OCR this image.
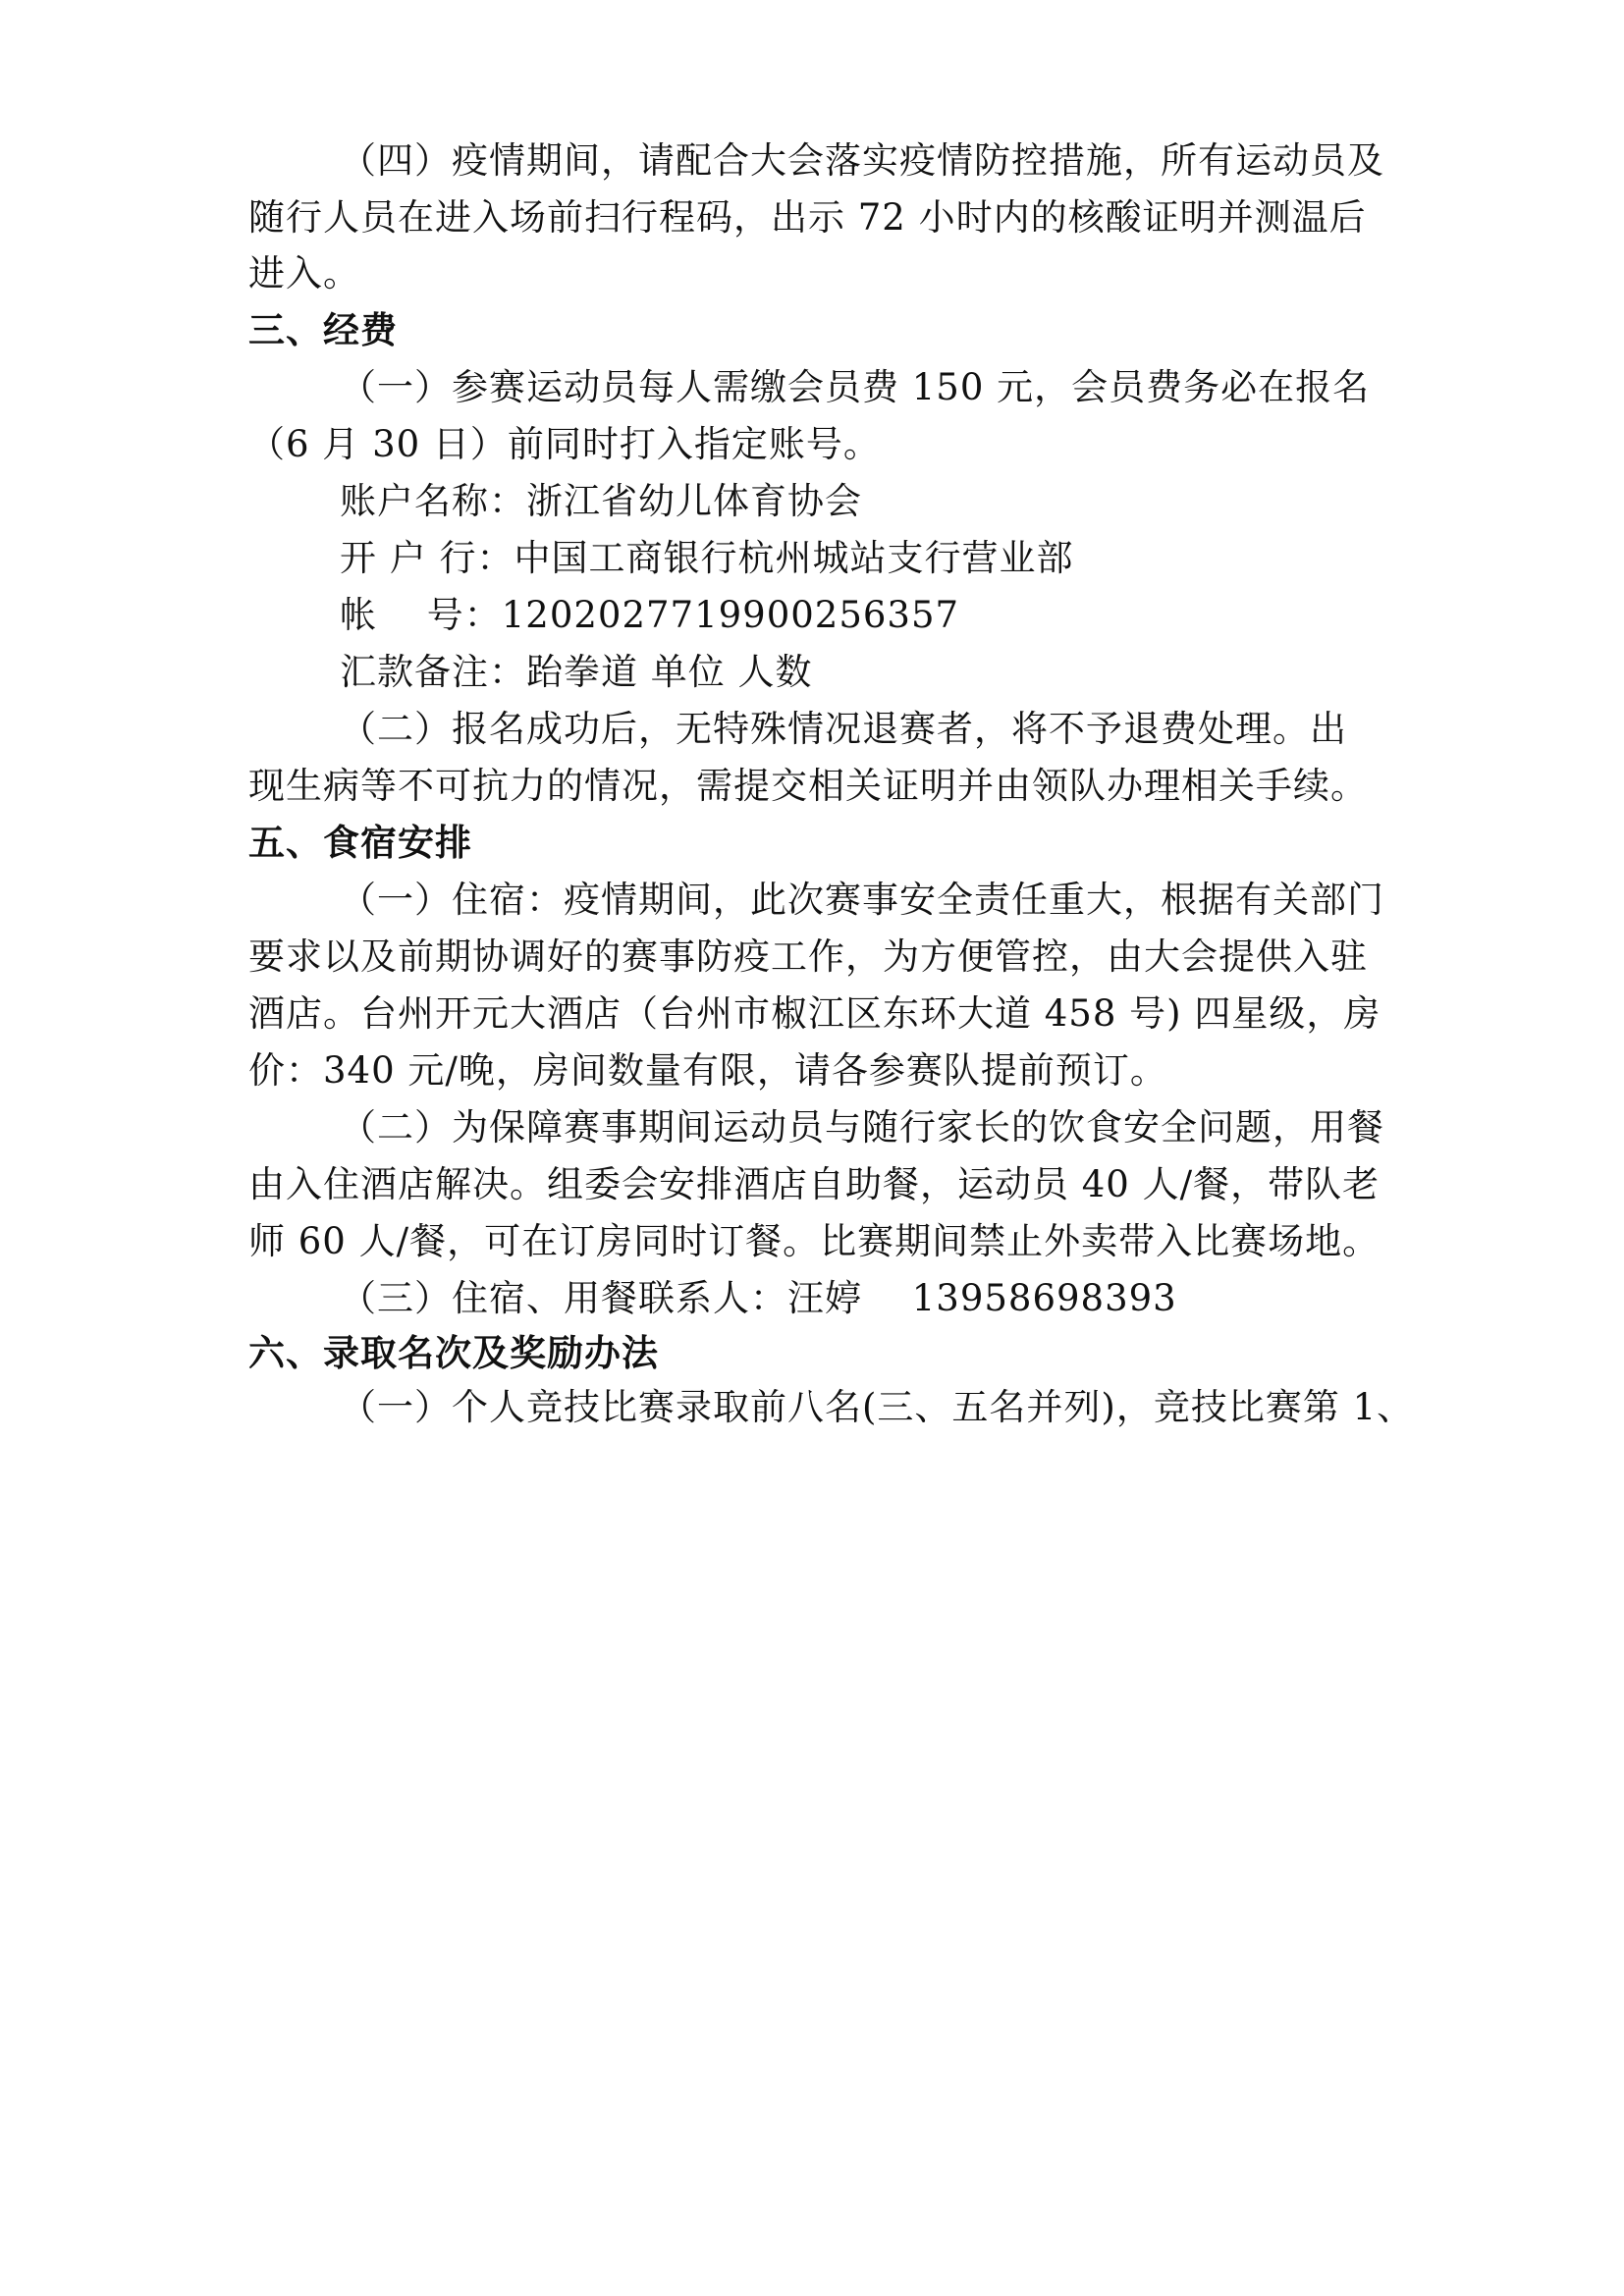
（四）疫情期间，请配合大会落实疫情防控措施，所有运动员及
随行人员在进入场前扫行程码，出示 72 小时内的核酸证明并测温后
进入。
三、经费
（一）参赛运动员每人需缴会员费 150 元，会员费务必在报名
（6 月 30 日）前同时打入指定账号。
账户名称：浙江省幼儿体育协会
开 户 行：中国工商银行杭州城站支行营业部
帐　 号：1202027719900256357
汇款备注：跆拳道 单位 人数
（二）报名成功后，无特殊情况退赛者，将不予退费处理。出
现生病等不可抗力的情况，需提交相关证明并由领队办理相关手续。
五、食宿安排
（一）住宿：疫情期间，此次赛事安全责任重大，根据有关部门
要求以及前期协调好的赛事防疫工作，为方便管控，由大会提供入驻
酒店。台州开元大酒店（台州市椒江区东环大道 458 号) 四星级，房
价：340 元/晚，房间数量有限，请各参赛队提前预订。
（二）为保障赛事期间运动员与随行家长的饮食安全问题，用餐
由入住酒店解决。组委会安排酒店自助餐，运动员 40 人/餐，带队老
师 60 人/餐，可在订房同时订餐。比赛期间禁止外卖带入比赛场地。
（三）住宿、用餐联系人：汪婷　 13958698393
六、录取名次及奖励办法
（一）个人竞技比赛录取前八名(三、五名并列)，竞技比赛第 1、
